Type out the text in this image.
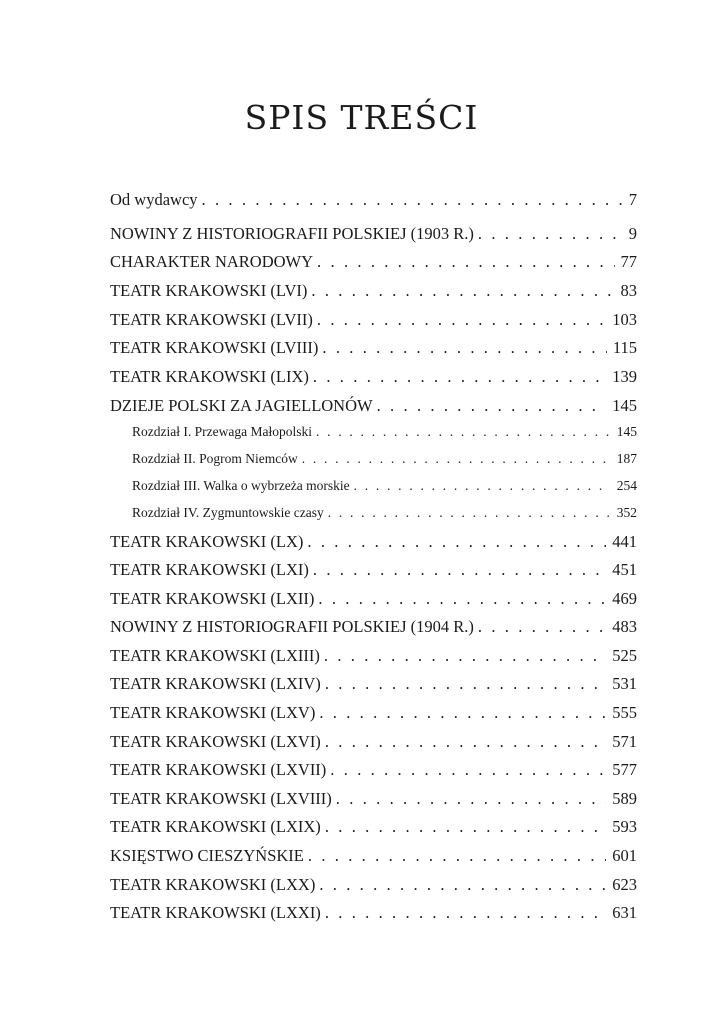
SPIS TREŚCI
Od wydawcy . . .	7
NOWINY Z HISTORIOGRAFII POLSKIEJ (1903 R.) . . .	9
CHARAKTER NARODOWY . . .	77
TEATR KRAKOWSKI (LVI) . . .	83
TEATR KRAKOWSKI (LVII) . . .	103
TEATR KRAKOWSKI (LVIII) . . .	115
TEATR KRAKOWSKI (LIX) . . .	139
DZIEJE POLSKI ZA JAGIELLONÓW . . .	145
Rozdział I. Przewaga Małopolski . . .	145
Rozdział II. Pogrom Niemców . . .	187
Rozdział III. Walka o wybrzeża morskie . . .	254
Rozdział IV. Zygmuntowskie czasy . . .	352
TEATR KRAKOWSKI (LX) . . .	441
TEATR KRAKOWSKI (LXI) . . .	451
TEATR KRAKOWSKI (LXII) . . .	469
NOWINY Z HISTORIOGRAFII POLSKIEJ (1904 R.) . . .	483
TEATR KRAKOWSKI (LXIII) . . .	525
TEATR KRAKOWSKI (LXIV) . . .	531
TEATR KRAKOWSKI (LXV) . . .	555
TEATR KRAKOWSKI (LXVI) . . .	571
TEATR KRAKOWSKI (LXVII) . . .	577
TEATR KRAKOWSKI (LXVIII) . . .	589
TEATR KRAKOWSKI (LXIX) . . .	593
KSIĘSTWO CIESZYŃSKIE . . .	601
TEATR KRAKOWSKI (LXX) . . .	623
TEATR KRAKOWSKI (LXXI) . . .	631
